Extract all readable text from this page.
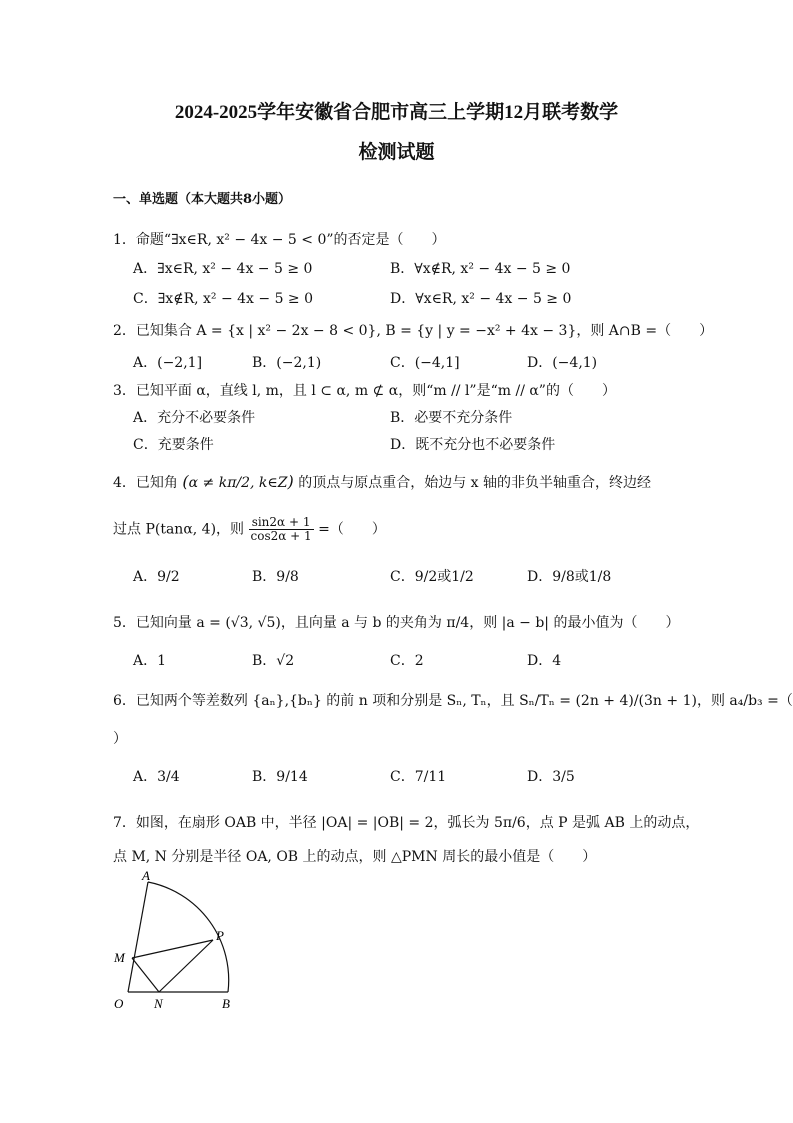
2024-2025学年安徽省合肥市高三上学期12月联考数学
检测试题
一、单选题（本大题共8小题）
1．命题“∃x∈R, x² − 4x − 5 < 0”的否定是（　　）
A．∃x∈R, x² − 4x − 5 ≥ 0	B．∀x∉R, x² − 4x − 5 ≥ 0
C．∃x∉R, x² − 4x − 5 ≥ 0	D．∀x∈R, x² − 4x − 5 ≥ 0
2．已知集合 A = {x | x² − 2x − 8 < 0}, B = {y | y = −x² + 4x − 3}，则 A∩B =（　　）
A．(−2,1]	B．(−2,1)	C．(−4,1]	D．(−4,1)
3．已知平面 α，直线 l, m，且 l ⊂ α, m ⊄ α，则“m // l”是“m // α”的（　　）
A．充分不必要条件	B．必要不充分条件
C．充要条件	D．既不充分也不必要条件
4．已知角 (α ≠ kπ/2, k∈Z) 的顶点与原点重合，始边与 x 轴的非负半轴重合，终边经
过点 P(tanα, 4)，则 $\frac{\sin 2\alpha + 1}{\cos 2\alpha + 1}$ =（　　）
A．9/2	B．9/8	C．9/2或1/2	D．9/8或1/8
5．已知向量 a = (√3, √5)，且向量 a 与 b 的夹角为 π/4，则 |a − b| 的最小值为（　　）
A．1	B．√2	C．2	D．4
6．已知两个等差数列 {aₙ},{bₙ} 的前 n 项和分别是 Sₙ, Tₙ，且 Sₙ/Tₙ = (2n + 4)/(3n + 1)，则 a₄/b₃ =（
）
A．3/4	B．9/14	C．7/11	D．3/5
7．如图，在扇形 OAB 中，半径 |OA| = |OB| = 2，弧长为 5π/6，点 P 是弧 AB 上的动点，
点 M, N 分别是半径 OA, OB 上的动点，则 △PMN 周长的最小值是（　　）
A
M
O N	B
P
